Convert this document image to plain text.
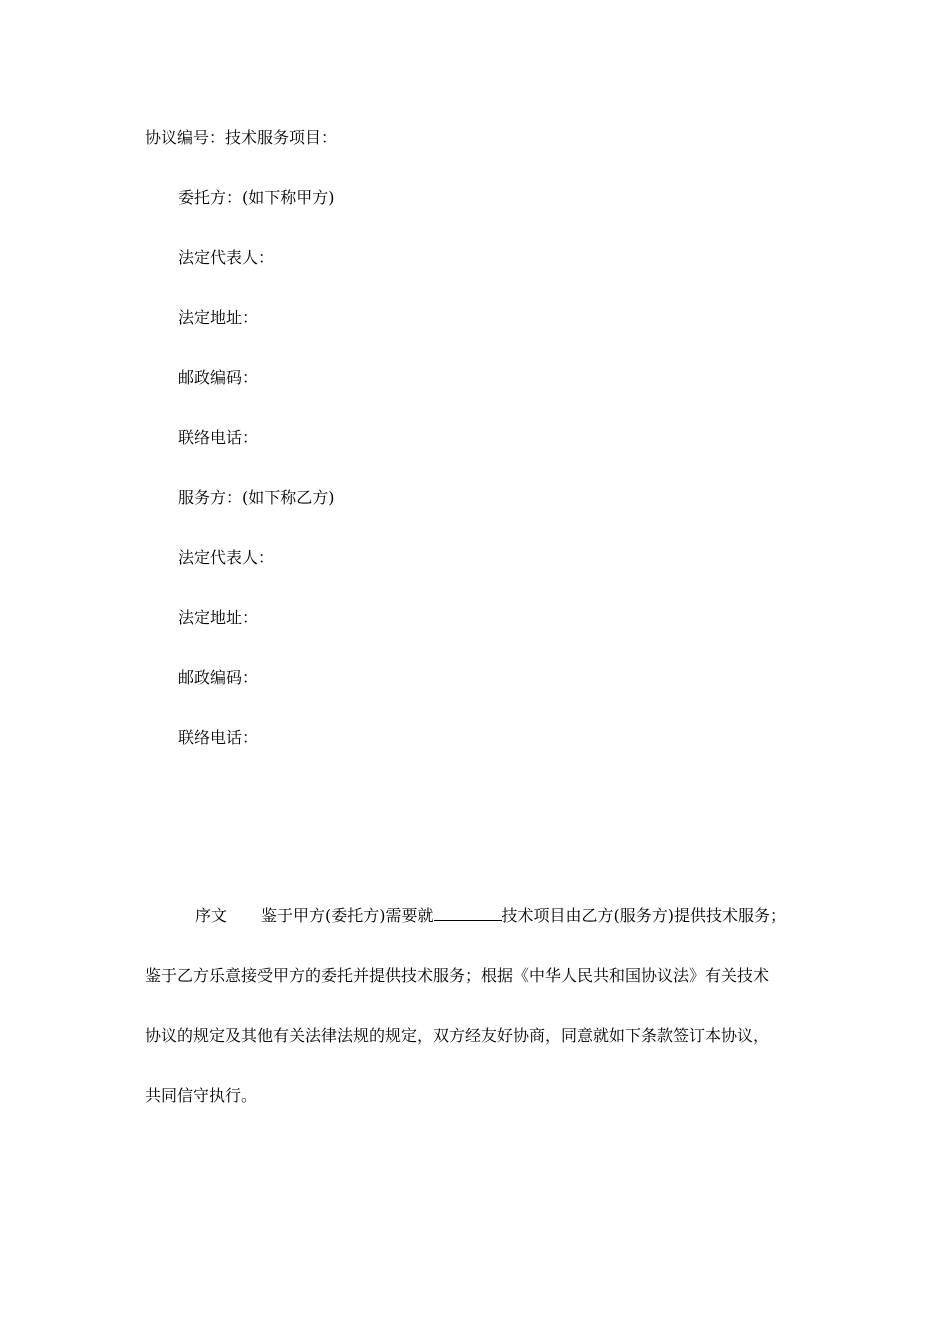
协议编号：技术服务项目：
委托方：(如下称甲方)
法定代表人：
法定地址：
邮政编码：
联络电话：
服务方：(如下称乙方)
法定代表人：
法定地址：
邮政编码：
联络电话：
序文 鉴于甲方(委托方)需要就	技术项目由乙方(服务方)提供技术服务；
鉴于乙方乐意接受甲方的委托并提供技术服务；根据《中华人民共和国协议法》有关技术
协议的规定及其他有关法律法规的规定，双方经友好协商，同意就如下条款签订本协议，
共同信守执行。
